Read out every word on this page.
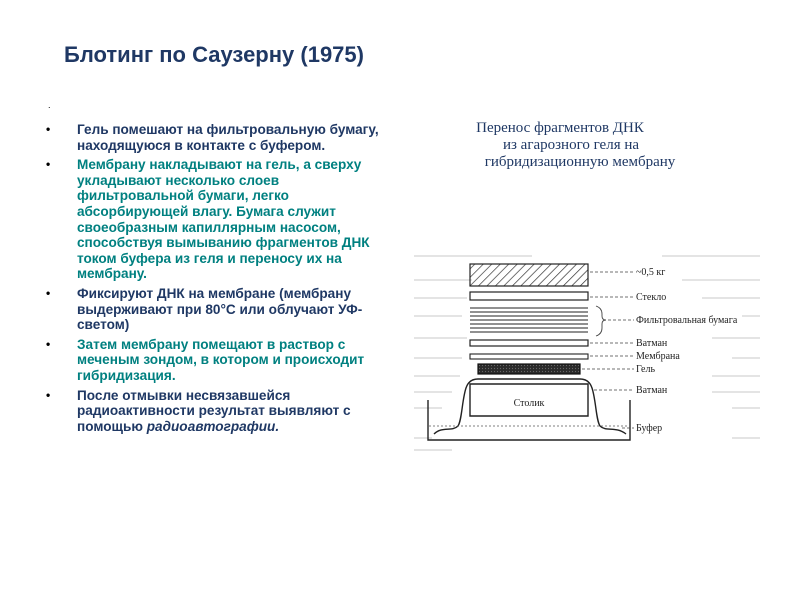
Блотинг по Саузерну (1975)
.
• Гель помешают на фильтровальную бумагу, находящуюся в контакте с буфером.
• Мембрану накладывают на гель, а сверху укладывают несколько слоев фильтровальной бумаги, легко абсорбирующей влагу. Бумага служит своеобразным капиллярным насосом, способствуя вымыванию фрагментов ДНК током буфера из геля и переносу их на мембрану.
• Фиксируют ДНК на мембране (мембрану выдерживают при 80°С или облучают УФ-светом)
• Затем мембрану помещают в раствор с меченым зондом, в котором и происходит гибридизация.
• После отмывки несвязавшейся радиоактивности результат выявляют с помощью радиоавтографии.
Перенос фрагментов ДНК
из агарозного геля на
гибридизационную мембрану
Столик
~0,5 кг
Стекло
Фильтровальная бумага
Ватман
Мембрана
Гель
Ватман
Буфер
